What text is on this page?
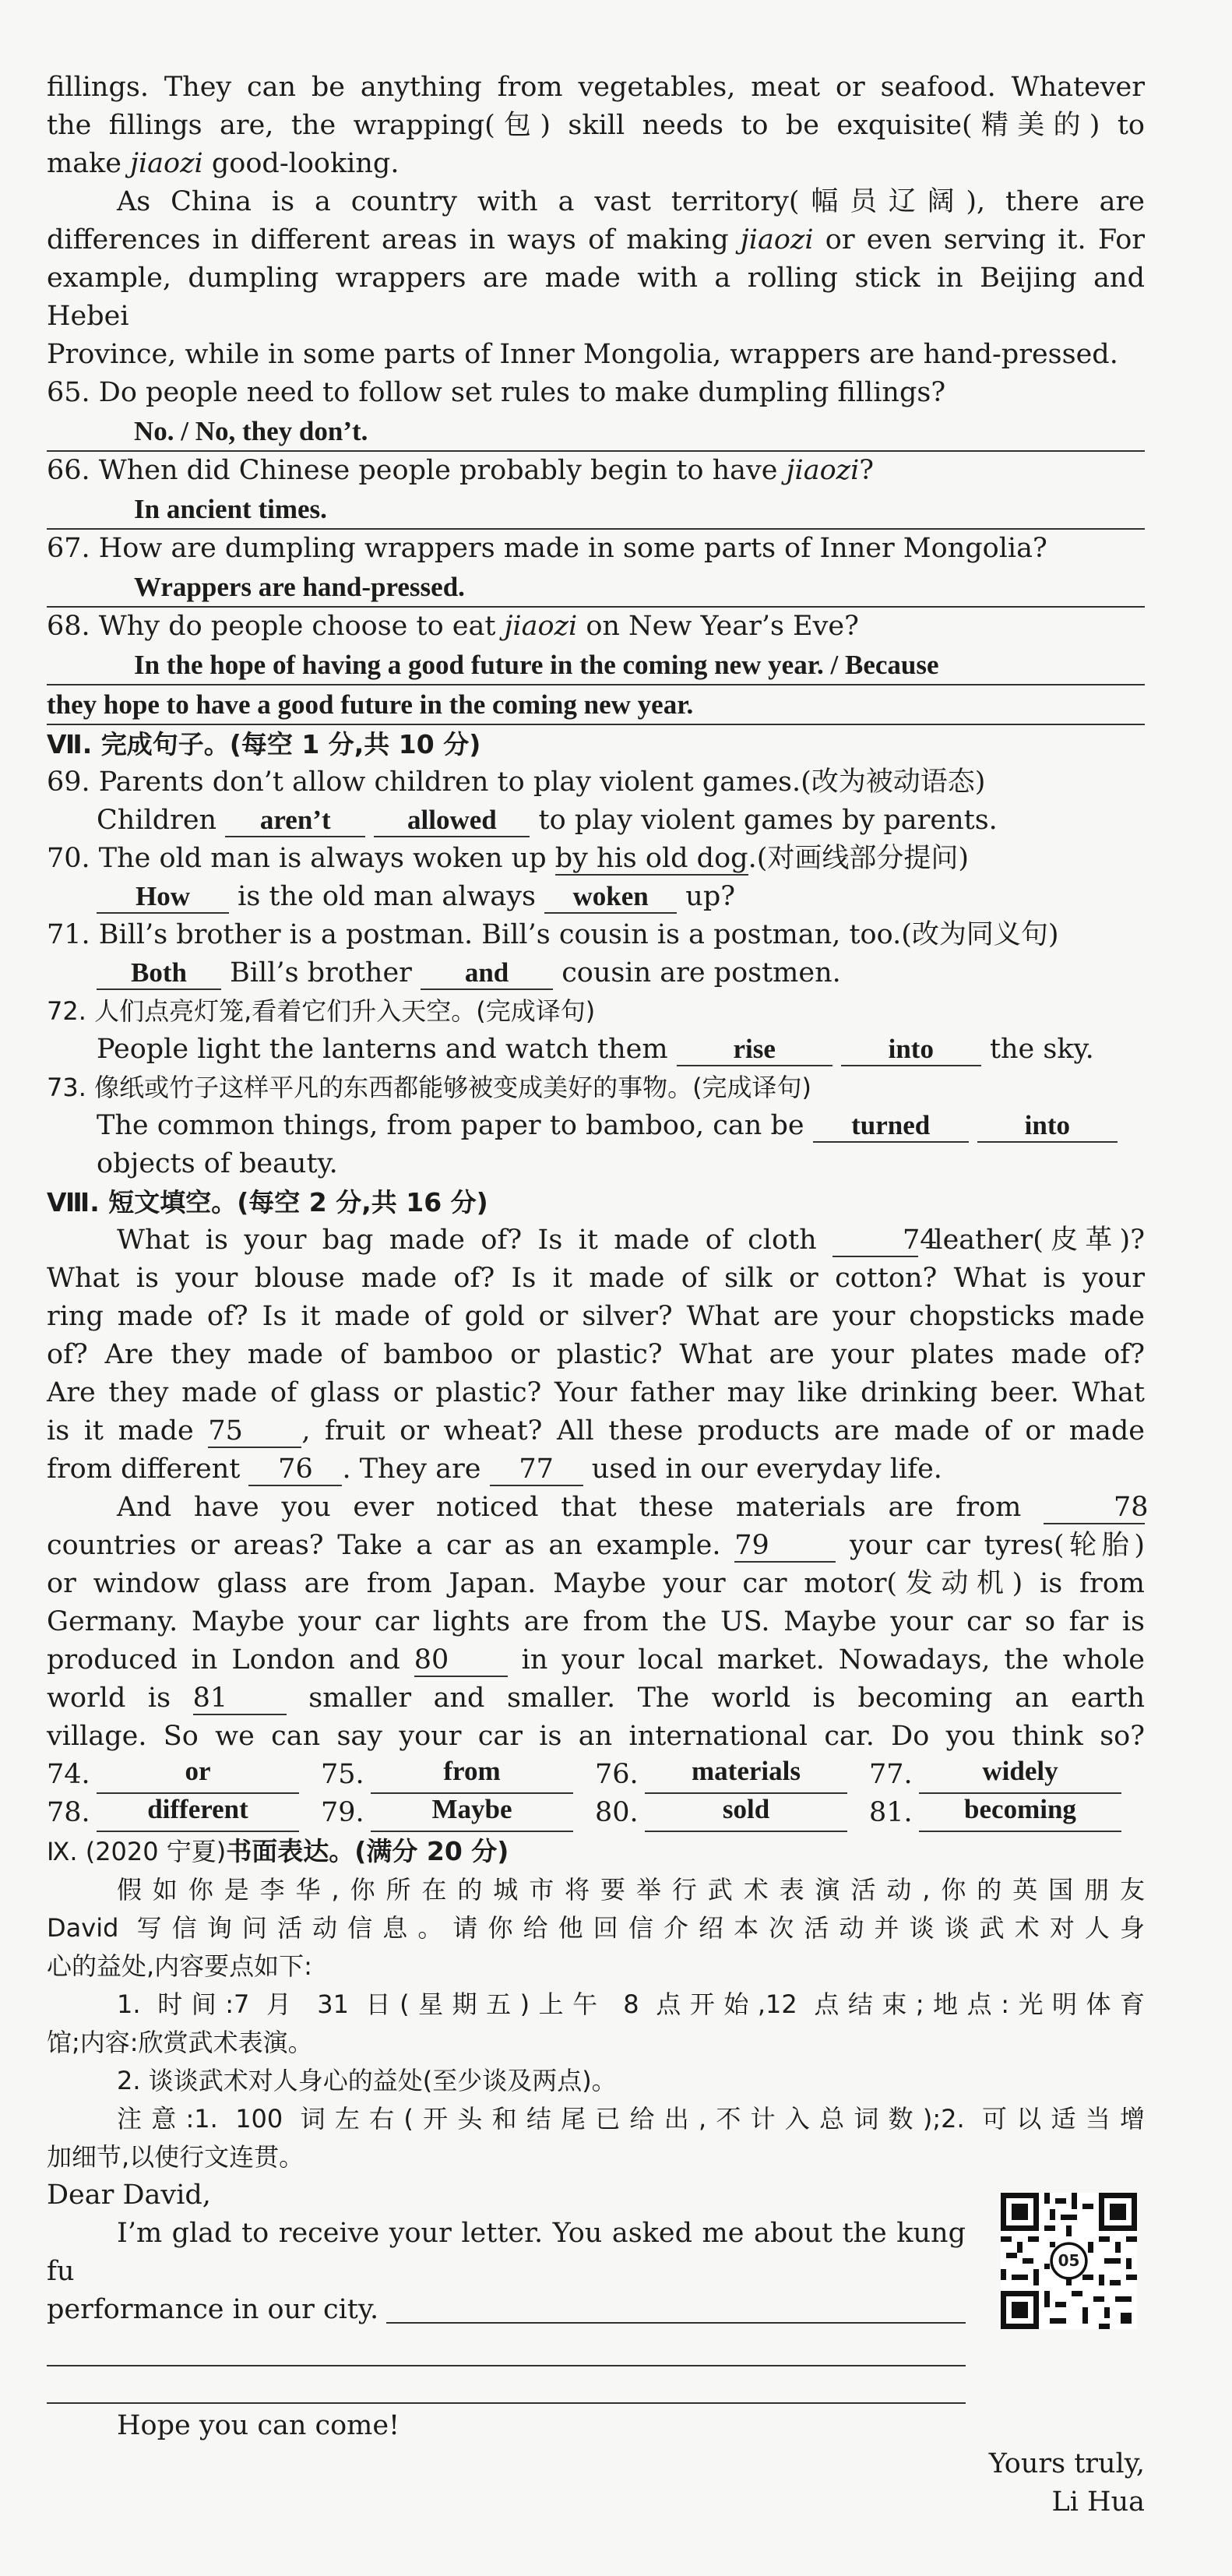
fillings. They can be anything from vegetables, meat or seafood. Whatever

the fillings are, the wrapping(包) skill needs to be exquisite(精美的) to

make jiaozi good-looking.

As China is a country with a vast territory(幅员辽阔), there are

differences in different areas in ways of making jiaozi or even serving it. For

example, dumpling wrappers are made with a rolling stick in Beijing and Hebei

Province, while in some parts of Inner Mongolia, wrappers are hand-pressed.

65. Do people need to follow set rules to make dumpling fillings?

No. / No, they don’t.

66. When did Chinese people probably begin to have jiaozi?

In ancient times.

67. How are dumpling wrappers made in some parts of Inner Mongolia?

Wrappers are hand-pressed.

68. Why do people choose to eat jiaozi on New Year’s Eve?

In the hope of having a good future in the coming new year. / Because

they hope to have a good future in the coming new year.

Ⅶ. 完成句子。(每空 1 分,共 10 分)

69. Parents don’t allow children to play violent games.(改为被动语态)

Children aren’t	allowed to play violent games by parents.

70. The old man is always woken up by his old dog.(对画线部分提问)

How is the old man always woken up?

71. Bill’s brother is a postman. Bill’s cousin is a postman, too.(改为同义句)

Both Bill’s brother and cousin are postmen.

72. 人们点亮灯笼,看着它们升入天空。(完成译句)

People light the lanterns and watch them rise	into the sky.

73. 像纸或竹子这样平凡的东西都能够被变成美好的事物。(完成译句)

The common things, from paper to bamboo, can be turned	into

objects of beauty.

Ⅷ. 短文填空。(每空 2 分,共 16 分)

What is your bag made of? Is it made of cloth	74 leather(皮革)?

What is your blouse made of? Is it made of silk or cotton? What is your

ring made of? Is it made of gold or silver? What are your chopsticks made

of? Are they made of bamboo or plastic? What are your plates made of?

Are they made of glass or plastic? Your father may like drinking beer. What

is it made 75 , fruit or wheat? All these products are made of or made

from different 76 . They are 77 used in our everyday life.

And have you ever noticed that these materials are from	78

countries or areas? Take a car as an example. 79	your car tyres(轮胎)

or window glass are from Japan. Maybe your car motor(发动机) is from

Germany. Maybe your car lights are from the US. Maybe your car so far is

produced in London and 80	in your local market. Nowadays, the whole

world is 81	smaller and smaller. The world is becoming an earth

village. So we can say your car is an international car. Do you think so?

74.	or	75.	from	76.	materials	77.	widely
78.	different	79.	Maybe	80.	sold	81.	becoming

Ⅸ. (2020 宁夏)书面表达。(满分 20 分)

假如你是李华,你所在的城市将要举行武术表演活动,你的英国朋友

David 写信询问活动信息。请你给他回信介绍本次活动并谈谈武术对人身

心的益处,内容要点如下:

1. 时间:7 月 31 日(星期五)上午 8 点开始,12 点结束;地点:光明体育

馆;内容:欣赏武术表演。

2. 谈谈武术对人身心的益处(至少谈及两点)。

注意:1. 100 词左右(开头和结尾已给出,不计入总词数);2. 可以适当增

加细节,以使行文连贯。

Dear David,

I’m glad to receive your letter. You asked me about the kung fu

performance in our city.

Hope you can come!

Yours truly,

Li Hua

05
